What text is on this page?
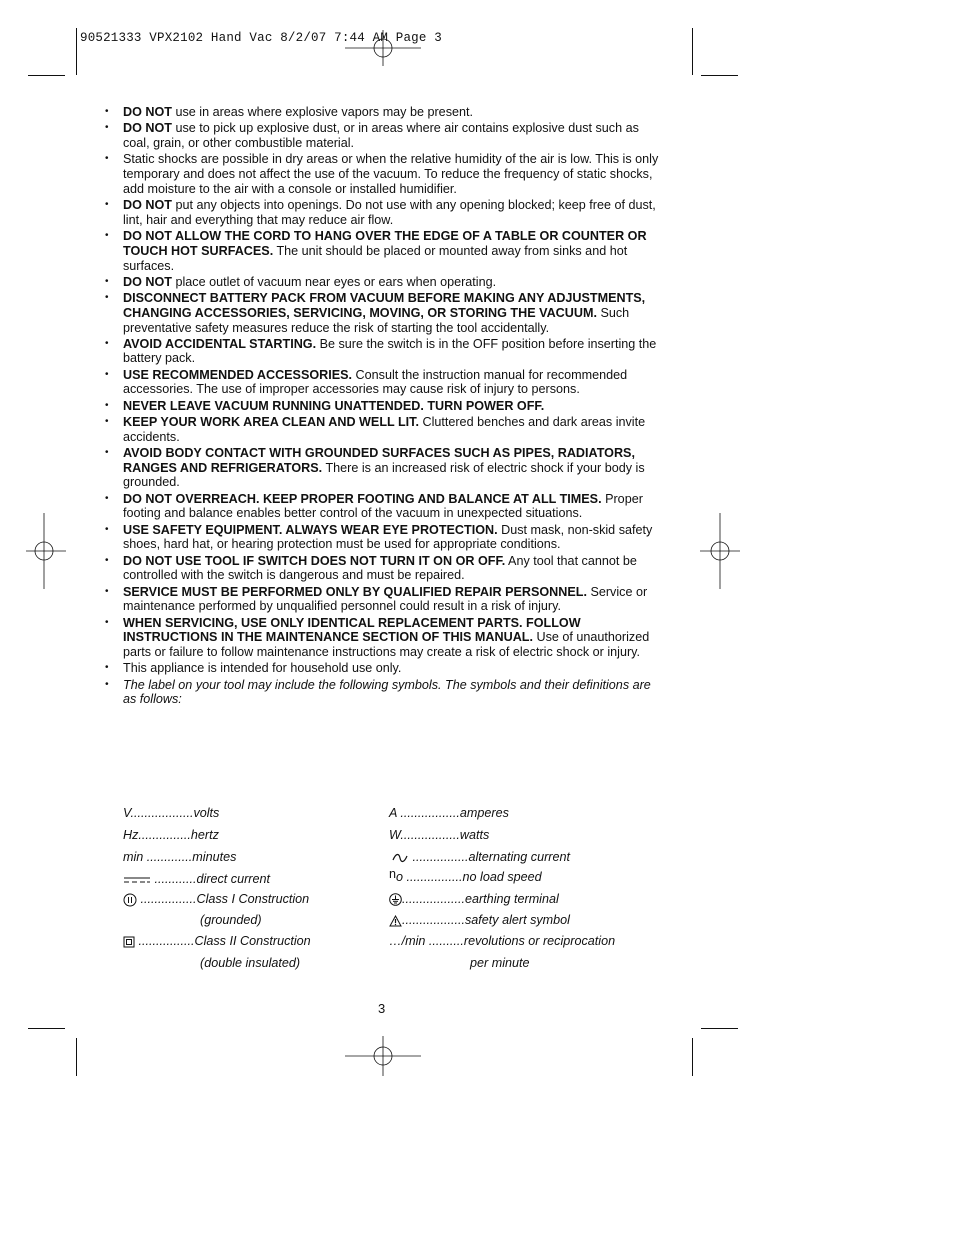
90521333 VPX2102 Hand Vac 8/2/07 7:44 AM Page 3
• DO NOT use in areas where explosive vapors may be present.
• DO NOT use to pick up explosive dust, or in areas where air contains explosive dust such as coal, grain, or other combustible material.
• Static shocks are possible in dry areas or when the relative humidity of the air is low. This is only temporary and does not affect the use of the vacuum. To reduce the frequency of static shocks, add moisture to the air with a console or installed humidifier.
• DO NOT put any objects into openings. Do not use with any opening blocked; keep free of dust, lint, hair and everything that may reduce air flow.
• DO NOT ALLOW THE CORD TO HANG OVER THE EDGE OF A TABLE OR COUNTER OR TOUCH HOT SURFACES. The unit should be placed or mounted away from sinks and hot surfaces.
• DO NOT place outlet of vacuum near eyes or ears when operating.
• DISCONNECT BATTERY PACK FROM VACUUM BEFORE MAKING ANY ADJUSTMENTS, CHANGING ACCESSORIES, SERVICING, MOVING, OR STORING THE VACUUM. Such preventative safety measures reduce the risk of starting the tool accidentally.
• AVOID ACCIDENTAL STARTING. Be sure the switch is in the OFF position before inserting the battery pack.
• USE RECOMMENDED ACCESSORIES. Consult the instruction manual for recommended accessories. The use of improper accessories may cause risk of injury to persons.
• NEVER LEAVE VACUUM RUNNING UNATTENDED. TURN POWER OFF.
• KEEP YOUR WORK AREA CLEAN AND WELL LIT. Cluttered benches and dark areas invite accidents.
• AVOID BODY CONTACT WITH GROUNDED SURFACES SUCH AS PIPES, RADIATORS, RANGES AND REFRIGERATORS. There is an increased risk of electric shock if your body is grounded.
• DO NOT OVERREACH. KEEP PROPER FOOTING AND BALANCE AT ALL TIMES. Proper footing and balance enables better control of the vacuum in unexpected situations.
• USE SAFETY EQUIPMENT. ALWAYS WEAR EYE PROTECTION. Dust mask, non-skid safety shoes, hard hat, or hearing protection must be used for appropriate conditions.
• DO NOT USE TOOL IF SWITCH DOES NOT TURN IT ON OR OFF. Any tool that cannot be controlled with the switch is dangerous and must be repaired.
• SERVICE MUST BE PERFORMED ONLY BY QUALIFIED REPAIR PERSONNEL. Service or maintenance performed by unqualified personnel could result in a risk of injury.
• WHEN SERVICING, USE ONLY IDENTICAL REPLACEMENT PARTS. FOLLOW INSTRUCTIONS IN THE MAINTENANCE SECTION OF THIS MANUAL. Use of unauthorized parts or failure to follow maintenance instructions may create a risk of electric shock or injury.
• This appliance is intended for household use only.
• The label on your tool may include the following symbols. The symbols and their definitions are as follows:
V..................volts
Hz...............hertz
min .............minutes
............direct current
................Class I Construction
(grounded)
................Class II Construction
(double insulated)
A .................amperes
W.................watts
................alternating current
no ................no load speed
..................earthing terminal
..................safety alert symbol
…/min ..........revolutions or reciprocation
per minute
3
